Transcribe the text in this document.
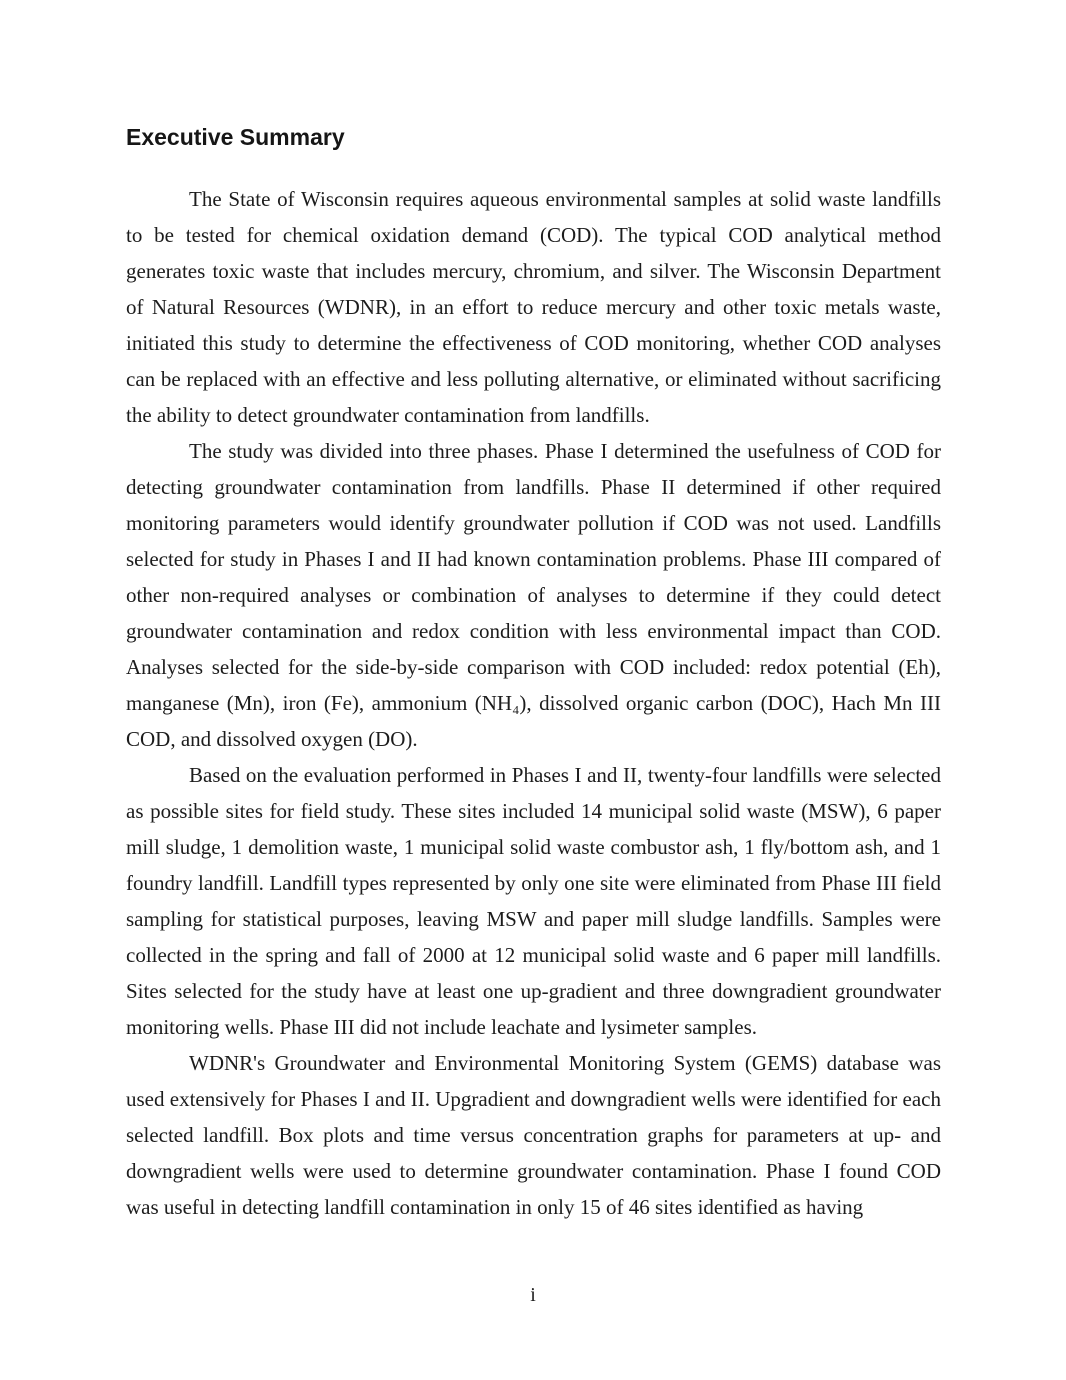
Executive Summary

The State of Wisconsin requires aqueous environmental samples at solid waste landfills to be tested for chemical oxidation demand (COD). The typical COD analytical method generates toxic waste that includes mercury, chromium, and silver. The Wisconsin Department of Natural Resources (WDNR), in an effort to reduce mercury and other toxic metals waste, initiated this study to determine the effectiveness of COD monitoring, whether COD analyses can be replaced with an effective and less polluting alternative, or eliminated without sacrificing the ability to detect groundwater contamination from landfills.

The study was divided into three phases. Phase I determined the usefulness of COD for detecting groundwater contamination from landfills. Phase II determined if other required monitoring parameters would identify groundwater pollution if COD was not used. Landfills selected for study in Phases I and II had known contamination problems. Phase III compared of other non-required analyses or combination of analyses to determine if they could detect groundwater contamination and redox condition with less environmental impact than COD. Analyses selected for the side-by-side comparison with COD included: redox potential (Eh), manganese (Mn), iron (Fe), ammonium (NH₄), dissolved organic carbon (DOC), Hach Mn III COD, and dissolved oxygen (DO).

Based on the evaluation performed in Phases I and II, twenty-four landfills were selected as possible sites for field study. These sites included 14 municipal solid waste (MSW), 6 paper mill sludge, 1 demolition waste, 1 municipal solid waste combustor ash, 1 fly/bottom ash, and 1 foundry landfill. Landfill types represented by only one site were eliminated from Phase III field sampling for statistical purposes, leaving MSW and paper mill sludge landfills. Samples were collected in the spring and fall of 2000 at 12 municipal solid waste and 6 paper mill landfills. Sites selected for the study have at least one up-gradient and three downgradient groundwater monitoring wells. Phase III did not include leachate and lysimeter samples.

WDNR's Groundwater and Environmental Monitoring System (GEMS) database was used extensively for Phases I and II. Upgradient and downgradient wells were identified for each selected landfill. Box plots and time versus concentration graphs for parameters at up- and downgradient wells were used to determine groundwater contamination. Phase I found COD was useful in detecting landfill contamination in only 15 of 46 sites identified as having

i
